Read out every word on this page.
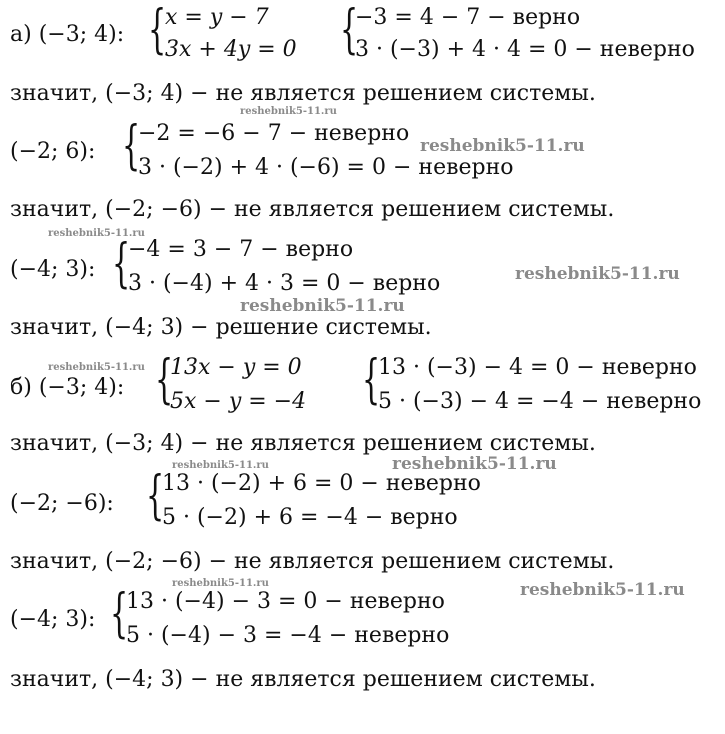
а) (−3; 4): {
x = y − 7
3x + 4y = 0 {
−3 = 4 − 7 − верно
3 · (−3) + 4 · 4 = 0 − неверно
значит, (−3; 4) − не является решением системы.
reshebnik5-11.ru
(−2; 6): {
−2 = −6 − 7 − неверно
3 · (−2) + 4 · (−6) = 0 − неверно
reshebnik5-11.ru
значит, (−2; −6) − не является решением системы.
reshebnik5-11.ru
(−4; 3): {
−4 = 3 − 7 − верно
3 · (−4) + 4 · 3 = 0 − верно	reshebnik5-11.ru
reshebnik5-11.ru
значит, (−4; 3) − решение системы.
reshebnik5-11.ru
б) (−3; 4): {
13x − y = 0
5x − y = −4 {
13 · (−3) − 4 = 0 − неверно
5 · (−3) − 4 = −4 − неверно
значит, (−3; 4) − не является решением системы.
reshebnik5-11.ru	reshebnik5-11.ru
(−2; −6): {
13 · (−2) + 6 = 0 − неверно
5 · (−2) + 6 = −4 − верно
значит, (−2; −6) − не является решением системы.
reshebnik5-11.ru	reshebnik5-11.ru
(−4; 3): {
13 · (−4) − 3 = 0 − неверно
5 · (−4) − 3 = −4 − неверно
значит, (−4; 3) − не является решением системы.
